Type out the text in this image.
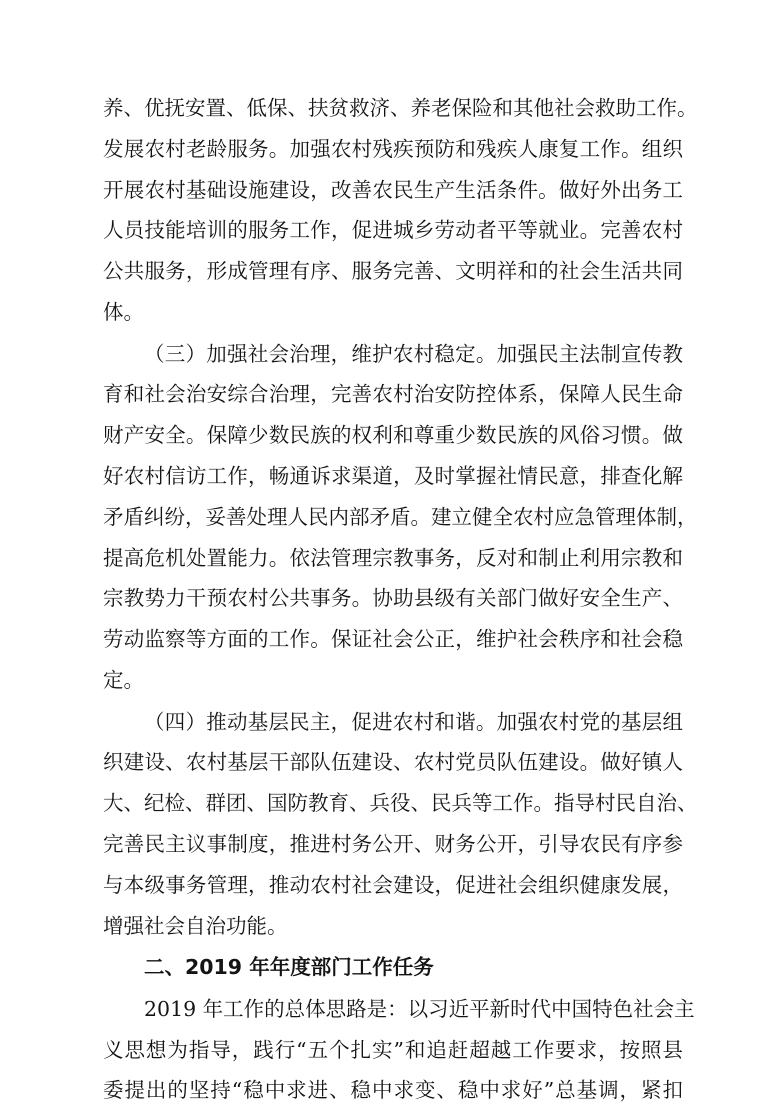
养、优抚安置、低保、扶贫救济、养老保险和其他社会救助工作。
发展农村老龄服务。加强农村残疾预防和残疾人康复工作。组织
开展农村基础设施建设，改善农民生产生活条件。做好外出务工
人员技能培训的服务工作，促进城乡劳动者平等就业。完善农村
公共服务，形成管理有序、服务完善、文明祥和的社会生活共同
体。
（三）加强社会治理，维护农村稳定。加强民主法制宣传教
育和社会治安综合治理，完善农村治安防控体系，保障人民生命
财产安全。保障少数民族的权利和尊重少数民族的风俗习惯。做
好农村信访工作，畅通诉求渠道，及时掌握社情民意，排查化解
矛盾纠纷，妥善处理人民内部矛盾。建立健全农村应急管理体制，
提高危机处置能力。依法管理宗教事务，反对和制止利用宗教和
宗教势力干预农村公共事务。协助县级有关部门做好安全生产、
劳动监察等方面的工作。保证社会公正，维护社会秩序和社会稳
定。
（四）推动基层民主，促进农村和谐。加强农村党的基层组
织建设、农村基层干部队伍建设、农村党员队伍建设。做好镇人
大、纪检、群团、国防教育、兵役、民兵等工作。指导村民自治、
完善民主议事制度，推进村务公开、财务公开，引导农民有序参
与本级事务管理，推动农村社会建设，促进社会组织健康发展，
增强社会自治功能。
二、2019 年年度部门工作任务
2019 年工作的总体思路是：以习近平新时代中国特色社会主
义思想为指导，践行“五个扎实”和追赶超越工作要求，按照县
委提出的坚持“稳中求进、稳中求变、稳中求好”总基调，紧扣
